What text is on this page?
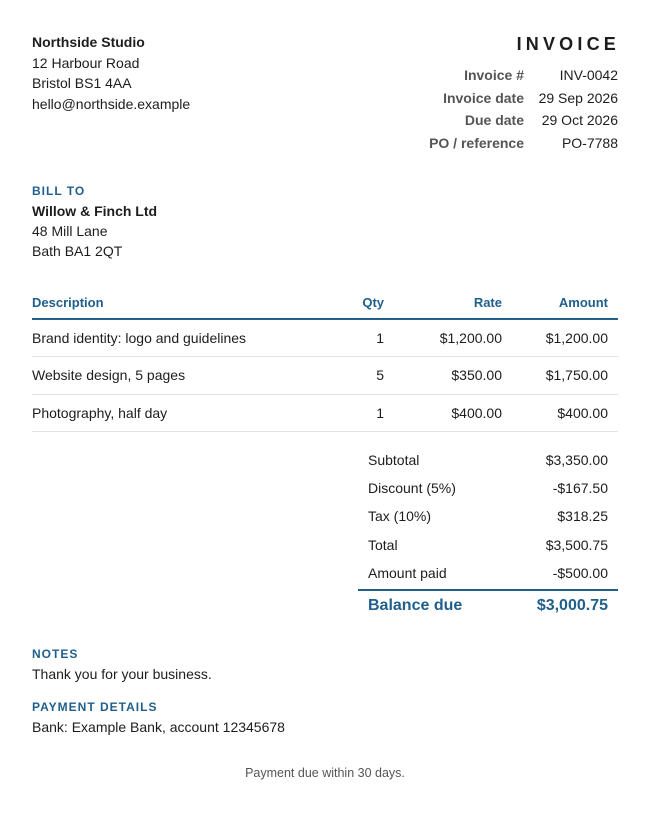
Northside Studio
12 Harbour Road
Bristol BS1 4AA
hello@northside.example
INVOICE
Invoice #	INV-0042
Invoice date	29 Sep 2026
Due date	29 Oct 2026
PO / reference	PO-7788
BILL TO
Willow & Finch Ltd
48 Mill Lane
Bath BA1 2QT
Description	Qty	Rate	Amount
Brand identity: logo and guidelines	1	$1,200.00	$1,200.00
Website design, 5 pages	5	$350.00	$1,750.00
Photography, half day	1	$400.00	$400.00
Subtotal	$3,350.00
Discount (5%)	-$167.50
Tax (10%)	$318.25
Total	$3,500.75
Amount paid	-$500.00
Balance due	$3,000.75
NOTES
Thank you for your business.
PAYMENT DETAILS
Bank: Example Bank, account 12345678
Payment due within 30 days.
